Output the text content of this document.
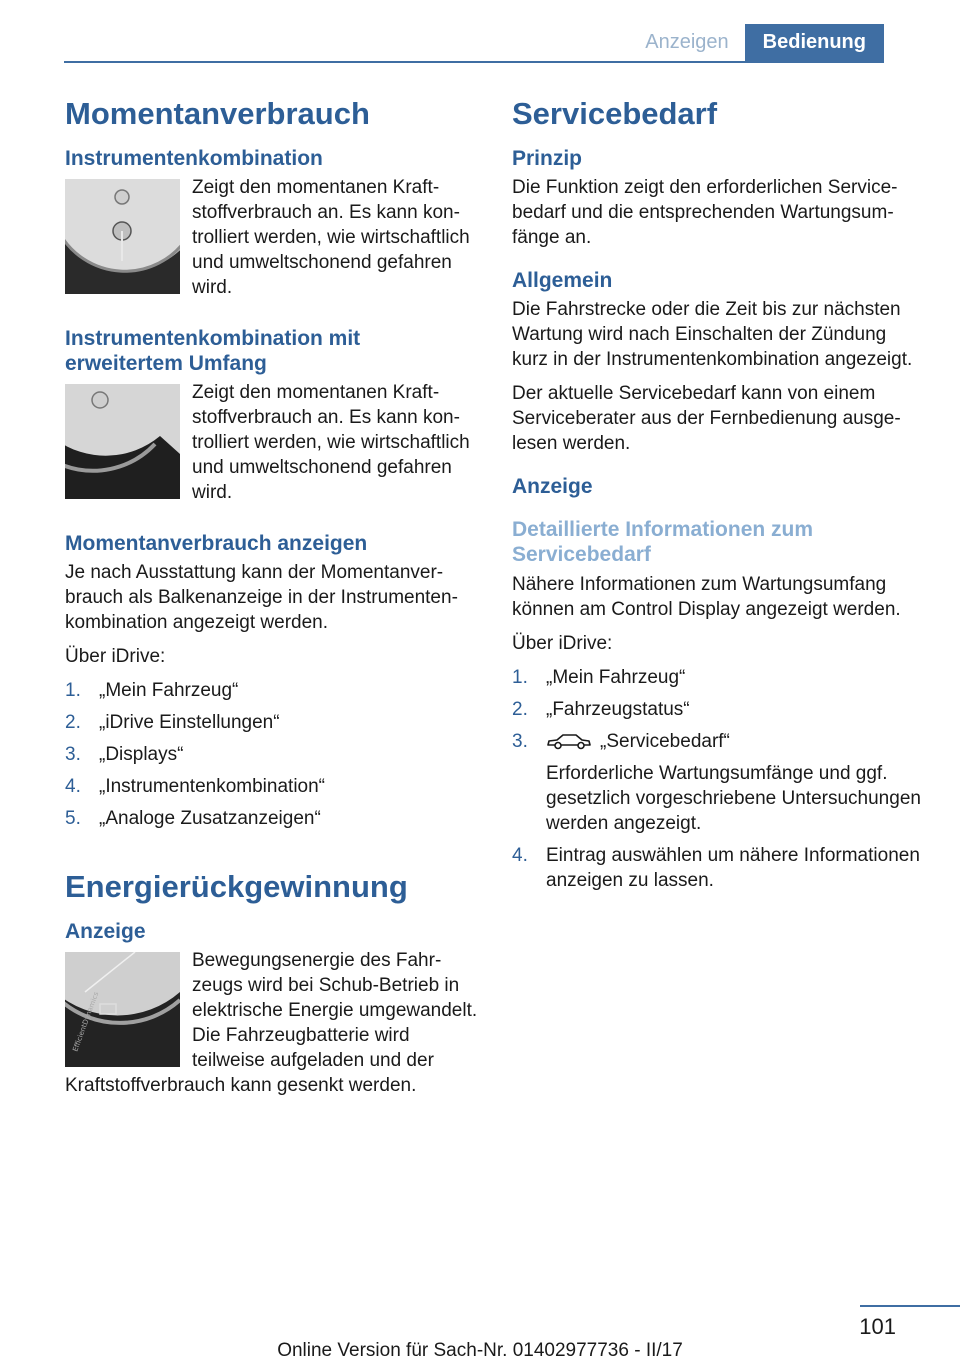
Anzeigen	Bedienung
Momentanverbrauch
Instrumentenkombination

Zeigt den momentanen Kraftstoffverbrauch an. Es kann kontrolliert werden, wie wirtschaftlich und umweltschonend gefahren wird.

Instrumentenkombination mit erweitertem Umfang

Zeigt den momentanen Kraftstoffverbrauch an. Es kann kontrolliert werden, wie wirtschaftlich und umweltschonend gefahren wird.

Momentanverbrauch anzeigen

Je nach Ausstattung kann der Momentanverbrauch als Balkenanzeige in der Instrumentenkombination angezeigt werden.

Über iDrive:

1. „Mein Fahrzeug“
2. „iDrive Einstellungen“
3. „Displays“
4. „Instrumentenkombination“
5. „Analoge Zusatzanzeigen“
Energierückgewinnung
Anzeige
EfficientDynamics

Bewegungsenergie des Fahrzeugs wird bei Schub-Betrieb in elektrische Energie umgewandelt. Die Fahrzeugbatterie wird teilweise aufgeladen und der Kraftstoffverbrauch kann gesenkt werden.

Servicebedarf
Prinzip

Die Funktion zeigt den erforderlichen Servicebedarf und die entsprechenden Wartungsumfänge an.

Allgemein

Die Fahrstrecke oder die Zeit bis zur nächsten Wartung wird nach Einschalten der Zündung kurz in der Instrumentenkombination angezeigt.

Der aktuelle Servicebedarf kann von einem Serviceberater aus der Fernbedienung ausgelesen werden.

Anzeige
Detaillierte Informationen zum Servicebedarf

Nähere Informationen zum Wartungsumfang können am Control Display angezeigt werden.

Über iDrive:

1. „Mein Fahrzeug“
2. „Fahrzeugstatus“
3.	„Servicebedarf“
Erforderliche Wartungsumfänge und ggf. gesetzlich vorgeschriebene Untersuchungen werden angezeigt.
4. Eintrag auswählen um nähere Informationen anzeigen zu lassen.
101
Online Version für Sach-Nr. 01402977736 - II/17
